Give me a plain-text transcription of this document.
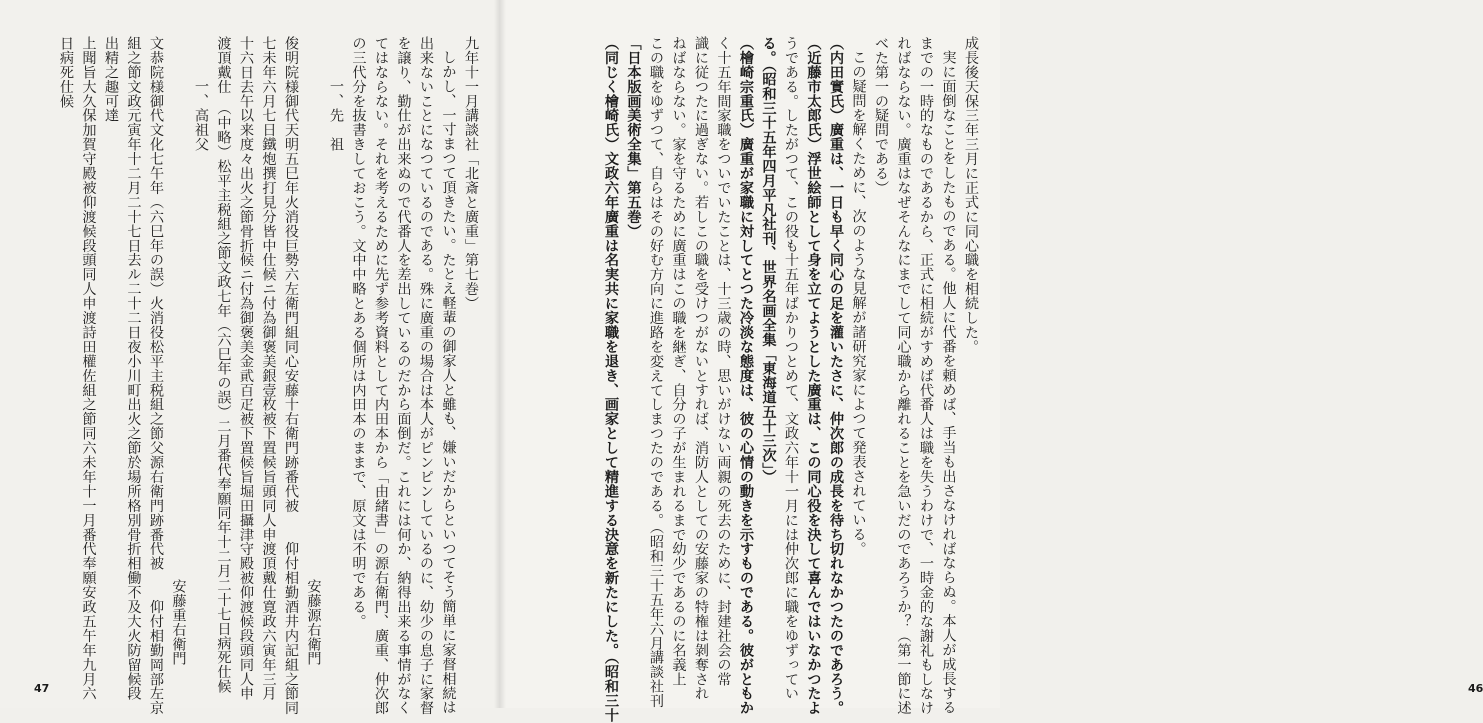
九年十一月講談社「北斎と廣重」第七巻）
しかし、一寸まつて頂きたい。たとえ軽輩の御家人と雖も、嫌いだからといつてそう簡単に家督相続は
出来ないことになつているのである。殊に廣重の場合は本人がピンピンしているのに、幼少の息子に家督
を譲り、勤仕が出来ぬので代番人を差出しているのだから面倒だ。これには何か、納得出来る事情がなく
てはならない。それを考えるために先ず参考資料として内田本から「由緒書」の源右衛門、廣重、仲次郎
の三代分を抜書きしておこう。文中中略とある個所は内田本のままで、原文は不明である。
一、先　祖
安藤源右衛門
俊明院様御代天明五巳年火消役巨勢六左衛門組同心安藤十右衛門跡番代被　　仰付相勤酒井内記組之節同
七未年六月七日鐵炮撰打見分皆中仕候ニ付為御褒美銀壹枚被下置候旨頭同人申渡頂戴仕寛政六寅年三月
十六日去午以来度々出火之節骨折候ニ付為御褒美金貮百疋被下置候旨堀田攝津守殿被仰渡候段頭同人申
渡頂戴仕　（中略）松平主税組之節文政七年（六巳年の誤）二月番代奉願同年十二月二十七日病死仕候
一、高祖父
安藤重右衛門
文恭院様御代文化七午年（六巳年の誤）火消役松平主税組之節父源右衛門跡番代被　　仰付相勤岡部左京
組之節文政元寅年十二月二十七日去ル二十二日夜小川町出火之節於場所格別骨折相働不及大火防留候段
出精之趣可達
上聞旨大久保加賀守殿被仰渡候段頭同人申渡詩田權佐組之節同六未年十一月番代奉願安政五午年九月六
日病死仕候
47
成長後天保三年三月に正式に同心職を相続した。
実に面倒なことをしたものである。他人に代番を頼めば、手当も出さなければならぬ。本人が成長する
までの一時的なものであるから、正式に相続がすめば代番人は職を失うわけで、一時金的な謝礼もしなけ
ればならない。廣重はなぜそんなにまでして同心職から離れることを急いだのであろうか？（第一節に述
べた第一の疑問である）
この疑問を解くために、次のような見解が諸研究家によつて発表されている。
（内田實氏）廣重は、一日も早く同心の足を灌いたさに、仲次郎の成長を待ち切れなかつたのであろう。
（近藤市太郎氏）浮世絵師として身を立てようとした廣重は、この同心役を決して喜んではいなかつたよ
うである。したがつて、この役も十五年ばかりつとめて、文政六年十一月には仲次郎に職をゆずってい
る。（昭和三十五年四月平凡社刊、世界名画全集「東海道五十三次」）
（檜崎宗重氏）廣重が家職に対してとつた冷淡な態度は、彼の心情の動きを示すものである。彼がともか
く十五年間家職をついでいたことは、十三歳の時、思いがけない両親の死去のために、封建社会の常
識に従つたに過ぎない。若しこの職を受けつがないとすれば、消防人としての安藤家の特権は剝奪され
ねばならない。家を守るために廣重はこの職を継ぎ、自分の子が生まれるまで幼少であるのに名義上
この職をゆずつて、自らはその好む方向に進路を変えてしまつたのである。（昭和三十五年六月講談社刊
「日本版画美術全集」第五巻）
（同じく檜崎氏）文政六年廣重は名実共に家職を退き、画家として精進する決意を新たにした。（昭和三十	46
